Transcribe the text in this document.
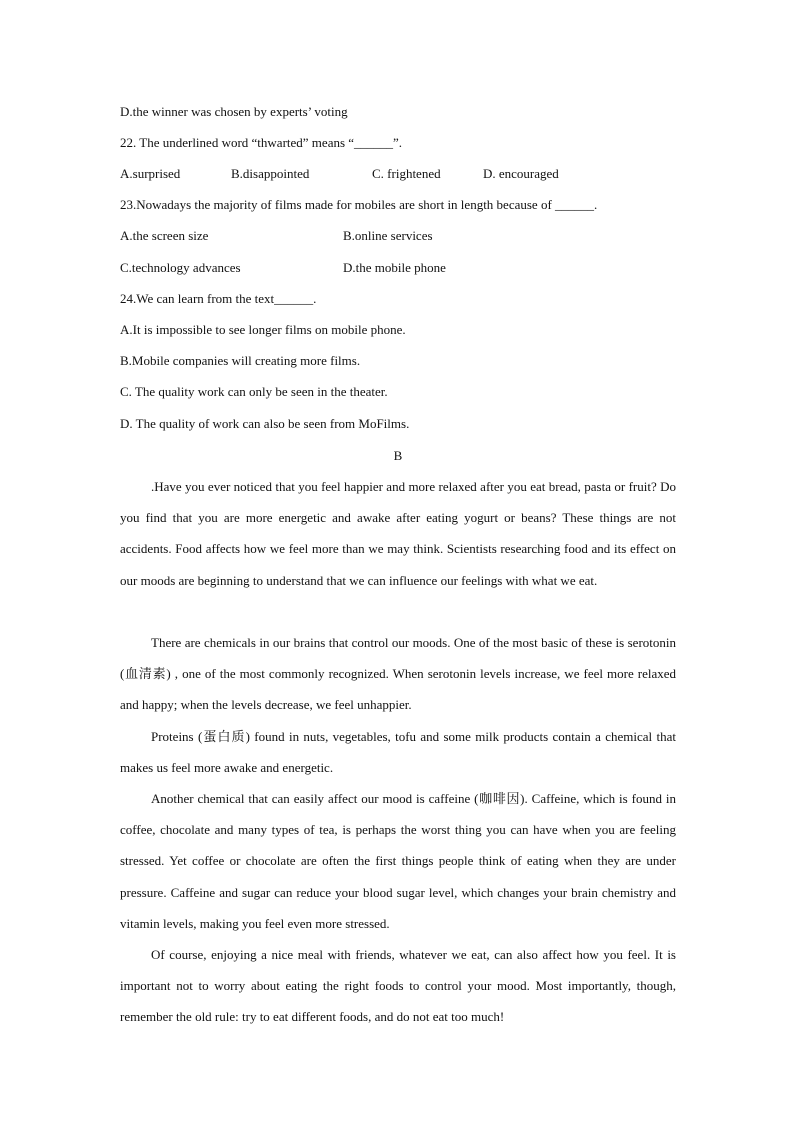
D.the winner was chosen by experts’ voting
22. The underlined word “thwarted” means “______”.
A.surprised	B.disappointed	C. frightened	D. encouraged
23.Nowadays the majority of films made for mobiles are short in length because of ______.
A.the screen size	B.online services
C.technology advances	D.the mobile phone
24.We can learn from the text______.
A.It is impossible to see longer films on mobile phone.
B.Mobile companies will creating more films.
C. The quality work can only be seen in the theater.
D. The quality of work can also be seen from MoFilms.
B
.Have you ever noticed that you feel happier and more relaxed after you eat bread, pasta or fruit? Do you find that you are more energetic and awake after eating yogurt or beans? These things are not accidents. Food affects how we feel more than we may think. Scientists researching food and its effect on our moods are beginning to understand that we can influence our feelings with what we eat.
There are chemicals in our brains that control our moods. One of the most basic of these is serotonin (血清素) , one of the most commonly recognized. When serotonin levels increase, we feel more relaxed and happy; when the levels decrease, we feel unhappier.
Proteins (蛋白质) found in nuts, vegetables, tofu and some milk products contain a chemical that makes us feel more awake and energetic.
Another chemical that can easily affect our mood is caffeine (咖啡因). Caffeine, which is found in coffee, chocolate and many types of tea, is perhaps the worst thing you can have when you are feeling stressed. Yet coffee or chocolate are often the first things people think of eating when they are under pressure. Caffeine and sugar can reduce your blood sugar level, which changes your brain chemistry and vitamin levels, making you feel even more stressed.
Of course, enjoying a nice meal with friends, whatever we eat, can also affect how you feel. It is important not to worry about eating the right foods to control your mood. Most importantly, though, remember the old rule: try to eat different foods, and do not eat too much!
